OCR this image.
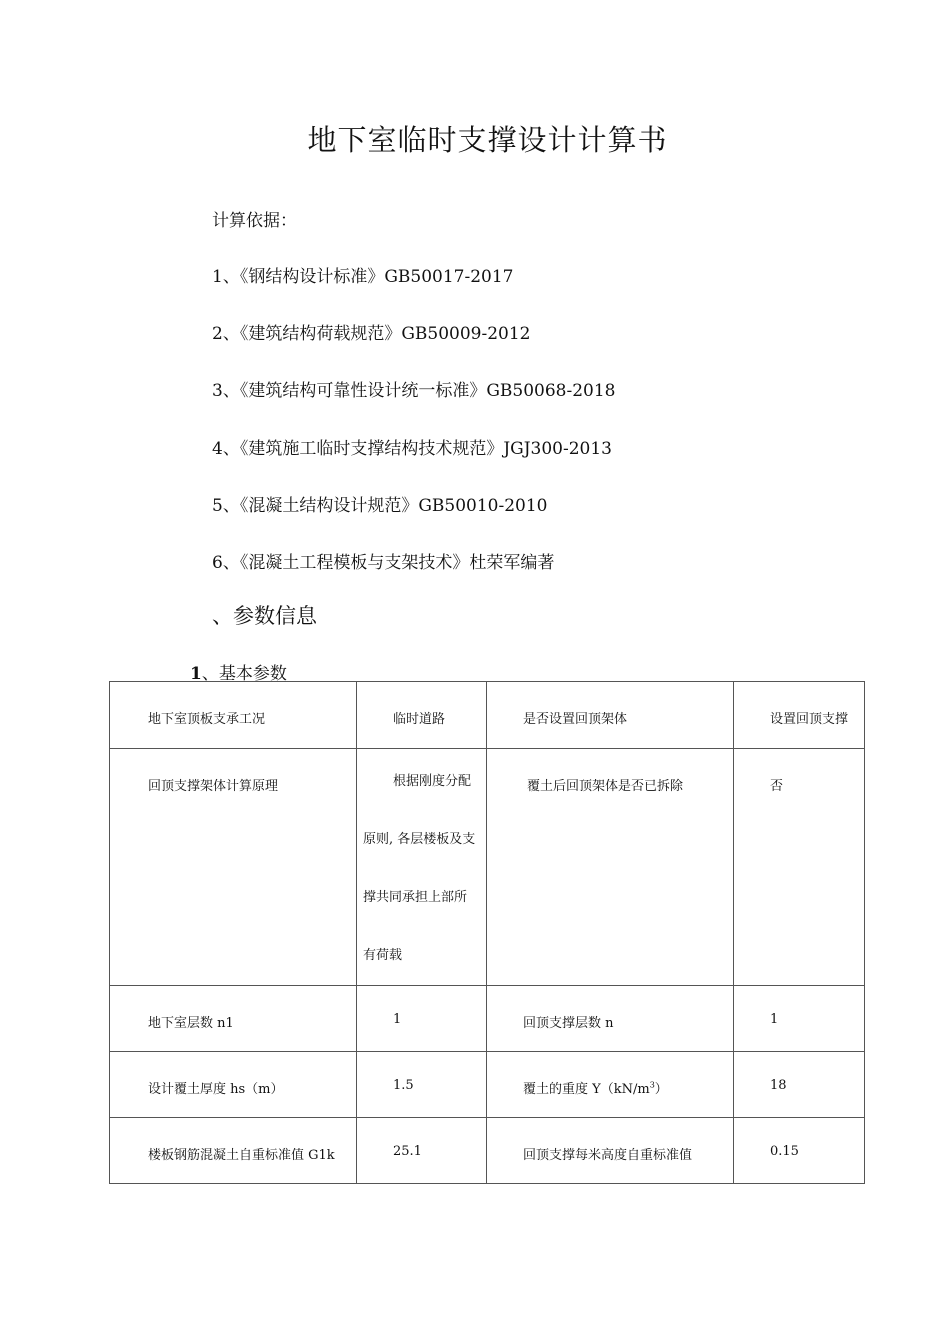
地下室临时支撑设计计算书
计算依据：
1、《钢结构设计标准》GB50017-2017
2、《建筑结构荷载规范》GB50009-2012
3、《建筑结构可靠性设计统一标准》GB50068-2018
4、《建筑施工临时支撑结构技术规范》JGJ300-2013
5、《混凝土结构设计规范》GB50010-2010
6、《混凝土工程模板与支架技术》杜荣军编著
、参数信息
1、基本参数
地下室顶板支承工况	临时道路	是否设置回顶架体	设置回顶支撑

回顶支撑架体计算原理	根据刚度分配
原则, 各层楼板及支
撑共同承担上部所
有荷载	覆土后回顶架体是否已拆除	否

地下室层数 n1	1	回顶支撑层数 n	1

设计覆土厚度 hs（m）	1.5	覆土的重度 $Y(kN/m^3)$	18

楼板钢筋混凝土自重标准值 G1k	25.1	回顶支撑每米高度自重标准值	0.15
